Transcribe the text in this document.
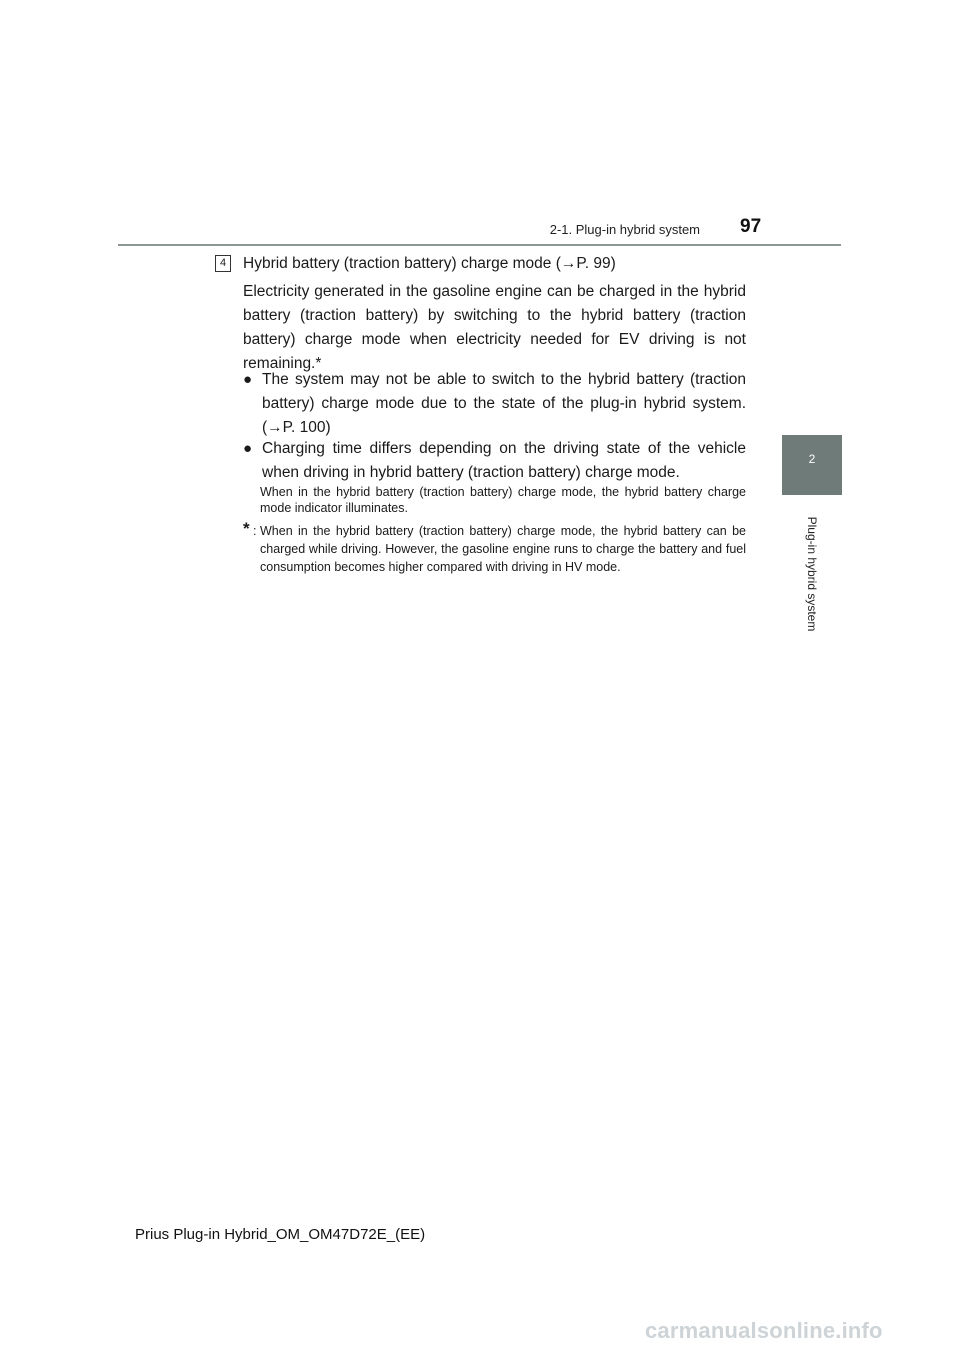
2-1. Plug-in hybrid system 97
2
Plug-in hybrid system
4	Hybrid battery (traction battery) charge mode (→P. 99)
Electricity generated in the gasoline engine can be charged in the hybrid battery (traction battery) by switching to the hybrid battery (traction battery) charge mode when electricity needed for EV driving is not remaining.*
● The system may not be able to switch to the hybrid battery (traction battery) charge mode due to the state of the plug-in hybrid system. (→P. 100)
● Charging time differs depending on the driving state of the vehicle when driving in hybrid battery (traction battery) charge mode.
When in the hybrid battery (traction battery) charge mode, the hybrid battery charge mode indicator illuminates.
* : When in the hybrid battery (traction battery) charge mode, the hybrid battery can be charged while driving. However, the gasoline engine runs to charge the battery and fuel consumption becomes higher compared with driving in HV mode.
Prius Plug-in Hybrid_OM_OM47D72E_(EE)
carmanualsonline.info
